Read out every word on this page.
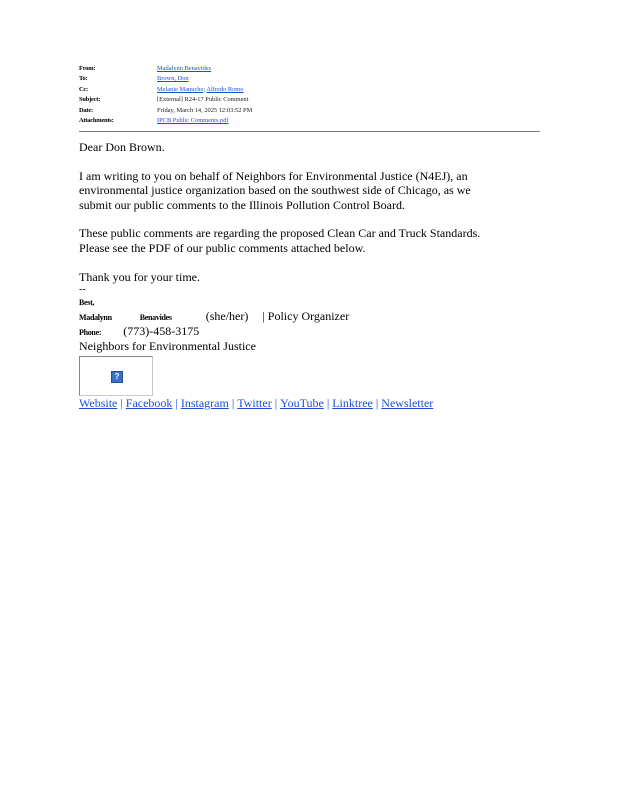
From:	Madalynn Benavides
To:	Brown, Don
Cc:	Melanie Manuche; Alfredo Romo
Subject:	[External] R24-17 Public Comment
Date:	Friday, March 14, 2025 12:03:52 PM
Attachments:	IPCB Public Comments.pdf

Dear Don Brown.

I am writing to you on behalf of Neighbors for Environmental Justice (N4EJ), an

environmental justice organization based on the southwest side of Chicago, as we

submit our public comments to the Illinois Pollution Control Board.

These public comments are regarding the proposed Clean Car and Truck Standards.

Please see the PDF of our public comments attached below.

Thank you for your time.

--
Best,
Madalynn	Benavides	(she/her) | Policy Organizer
Phone: (773)-458-3175
Neighbors for Environmental Justice
?
Website | Facebook | Instagram | Twitter | YouTube | Linktree | Newsletter
